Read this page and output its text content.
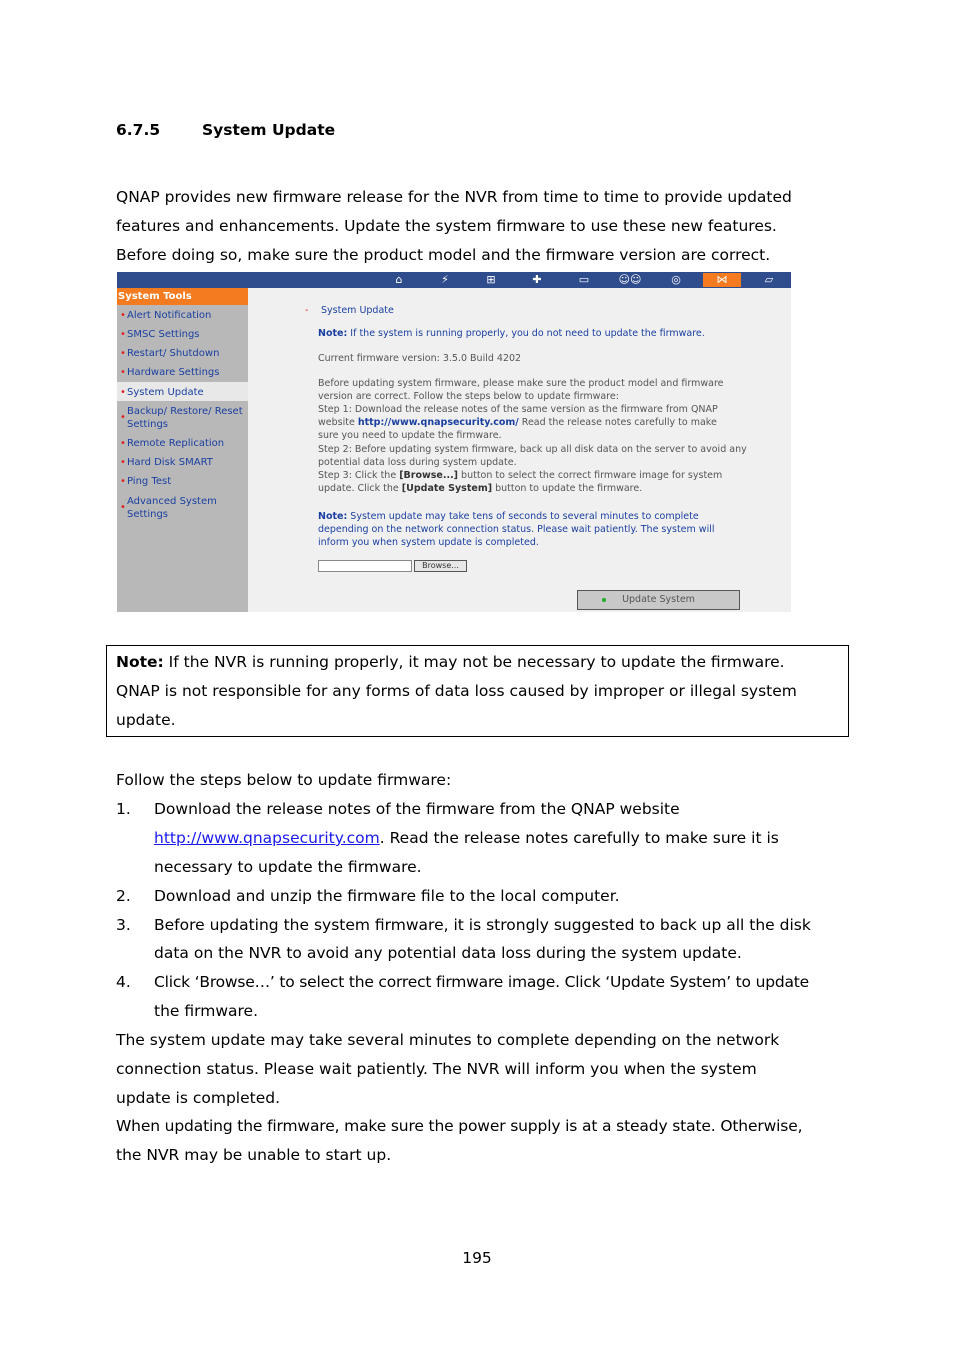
6.7.5	System Update
QNAP provides new firmware release for the NVR from time to time to provide updated
features and enhancements. Update the system firmware to use these new features.
Before doing so, make sure the product model and the firmware version are correct.
⌂	⚡	⊞	✚	▭	☺☺	◎	⋈	▱
System Tools
• Alert Notification
• SMSC Settings
• Restart/ Shutdown
• Hardware Settings
• System Update
•
Backup/ Restore/ Reset
Settings
• Remote Replication
• Hard Disk SMART
• Ping Test
•
Advanced System
Settings
- System Update
Note: If the system is running properly, you do not need to update the firmware.
Current firmware version: 3.5.0 Build 4202
Before updating system firmware, please make sure the product model and firmware
version are correct. Follow the steps below to update firmware:
Step 1: Download the release notes of the same version as the firmware from QNAP
website http://www.qnapsecurity.com/ Read the release notes carefully to make
sure you need to update the firmware.
Step 2: Before updating system firmware, back up all disk data on the server to avoid any
potential data loss during system update.
Step 3: Click the [Browse...] button to select the correct firmware image for system
update. Click the [Update System] button to update the firmware.
Note: System update may take tens of seconds to several minutes to complete
depending on the network connection status. Please wait patiently. The system will
inform you when system update is completed.
Browse...
Update System
Note: If the NVR is running properly, it may not be necessary to update the firmware.
QNAP is not responsible for any forms of data loss caused by improper or illegal system
update.
Follow the steps below to update firmware:
1. Download the release notes of the firmware from the QNAP website
http://www.qnapsecurity.com. Read the release notes carefully to make sure it is
necessary to update the firmware.
2. Download and unzip the firmware file to the local computer.
3. Before updating the system firmware, it is strongly suggested to back up all the disk
data on the NVR to avoid any potential data loss during the system update.
4. Click ‘Browse…’ to select the correct firmware image. Click ‘Update System’ to update
the firmware.
The system update may take several minutes to complete depending on the network
connection status. Please wait patiently. The NVR will inform you when the system
update is completed.
When updating the firmware, make sure the power supply is at a steady state. Otherwise,
the NVR may be unable to start up.
195
